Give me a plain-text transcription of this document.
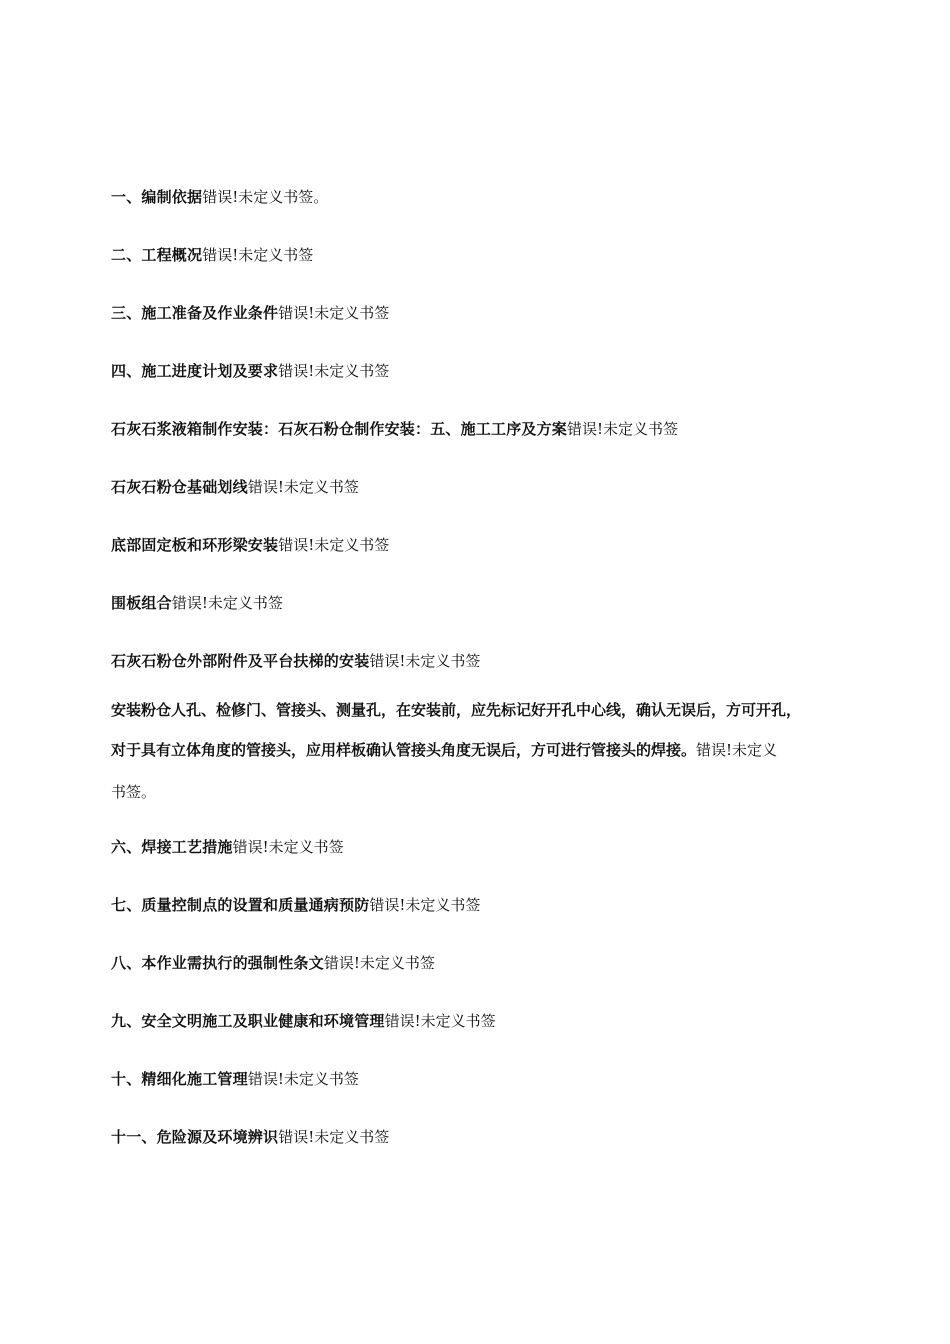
一、编制依据错误!未定义书签。
二、工程概况错误!未定义书签
三、施工准备及作业条件错误!未定义书签
四、施工进度计划及要求错误!未定义书签
石灰石浆液箱制作安装：石灰石粉仓制作安装：五、施工工序及方案错误!未定义书签
石灰石粉仓基础划线错误!未定义书签
底部固定板和环形梁安装错误!未定义书签
围板组合错误!未定义书签
石灰石粉仓外部附件及平台扶梯的安装错误!未定义书签
安装粉仓人孔、检修门、管接头、测量孔，在安装前，应先标记好开孔中心线，确认无误后，方可开孔，
对于具有立体角度的管接头，应用样板确认管接头角度无误后，方可进行管接头的焊接。错误!未定义
书签。
六、焊接工艺措施错误!未定义书签
七、质量控制点的设置和质量通病预防错误!未定义书签
八、本作业需执行的强制性条文错误!未定义书签
九、安全文明施工及职业健康和环境管理错误!未定义书签
十、精细化施工管理错误!未定义书签
十一、危险源及环境辨识错误!未定义书签
